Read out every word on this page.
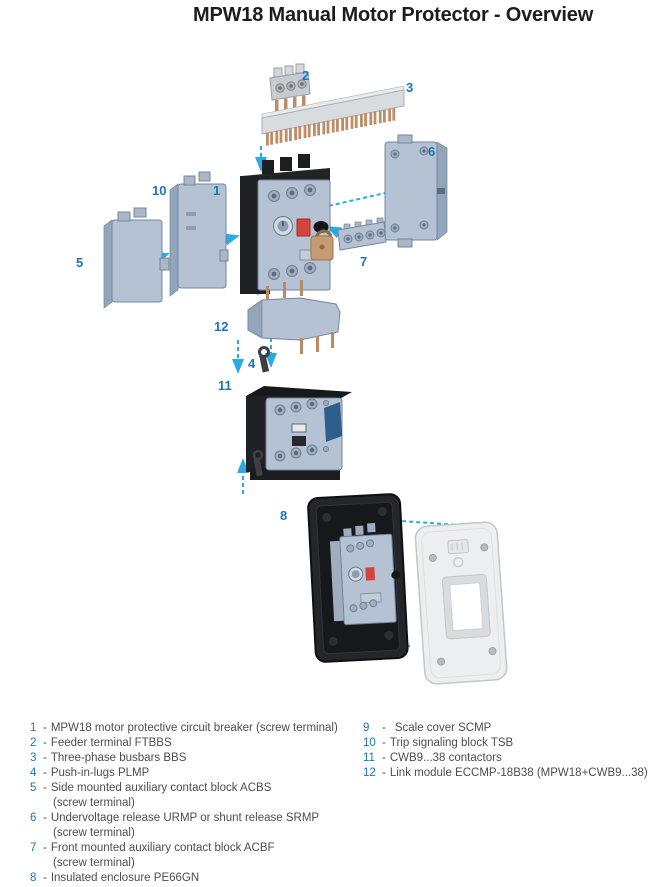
MPW18 Manual Motor Protector - Overview
2
3
6
10	1
5	7
12
4
11
8
1 - MPW18 motor protective circuit breaker (screw terminal)
2 - Feeder terminal FTBBS
3 - Three-phase busbars BBS
4 - Push-in-lugs PLMP
5 - Side mounted auxiliary contact block ACBS
(screw terminal)
6 - Undervoltage release URMP or shunt release SRMP
(screw terminal)
7 - Front mounted auxiliary contact block ACBF
(screw terminal)
8 - Insulated enclosure PE66GN
9	- Scale cover SCMP
10 - Trip signaling block TSB
11 - CWB9...38 contactors
12 - Link module ECCMP-18B38 (MPW18+CWB9...38)
